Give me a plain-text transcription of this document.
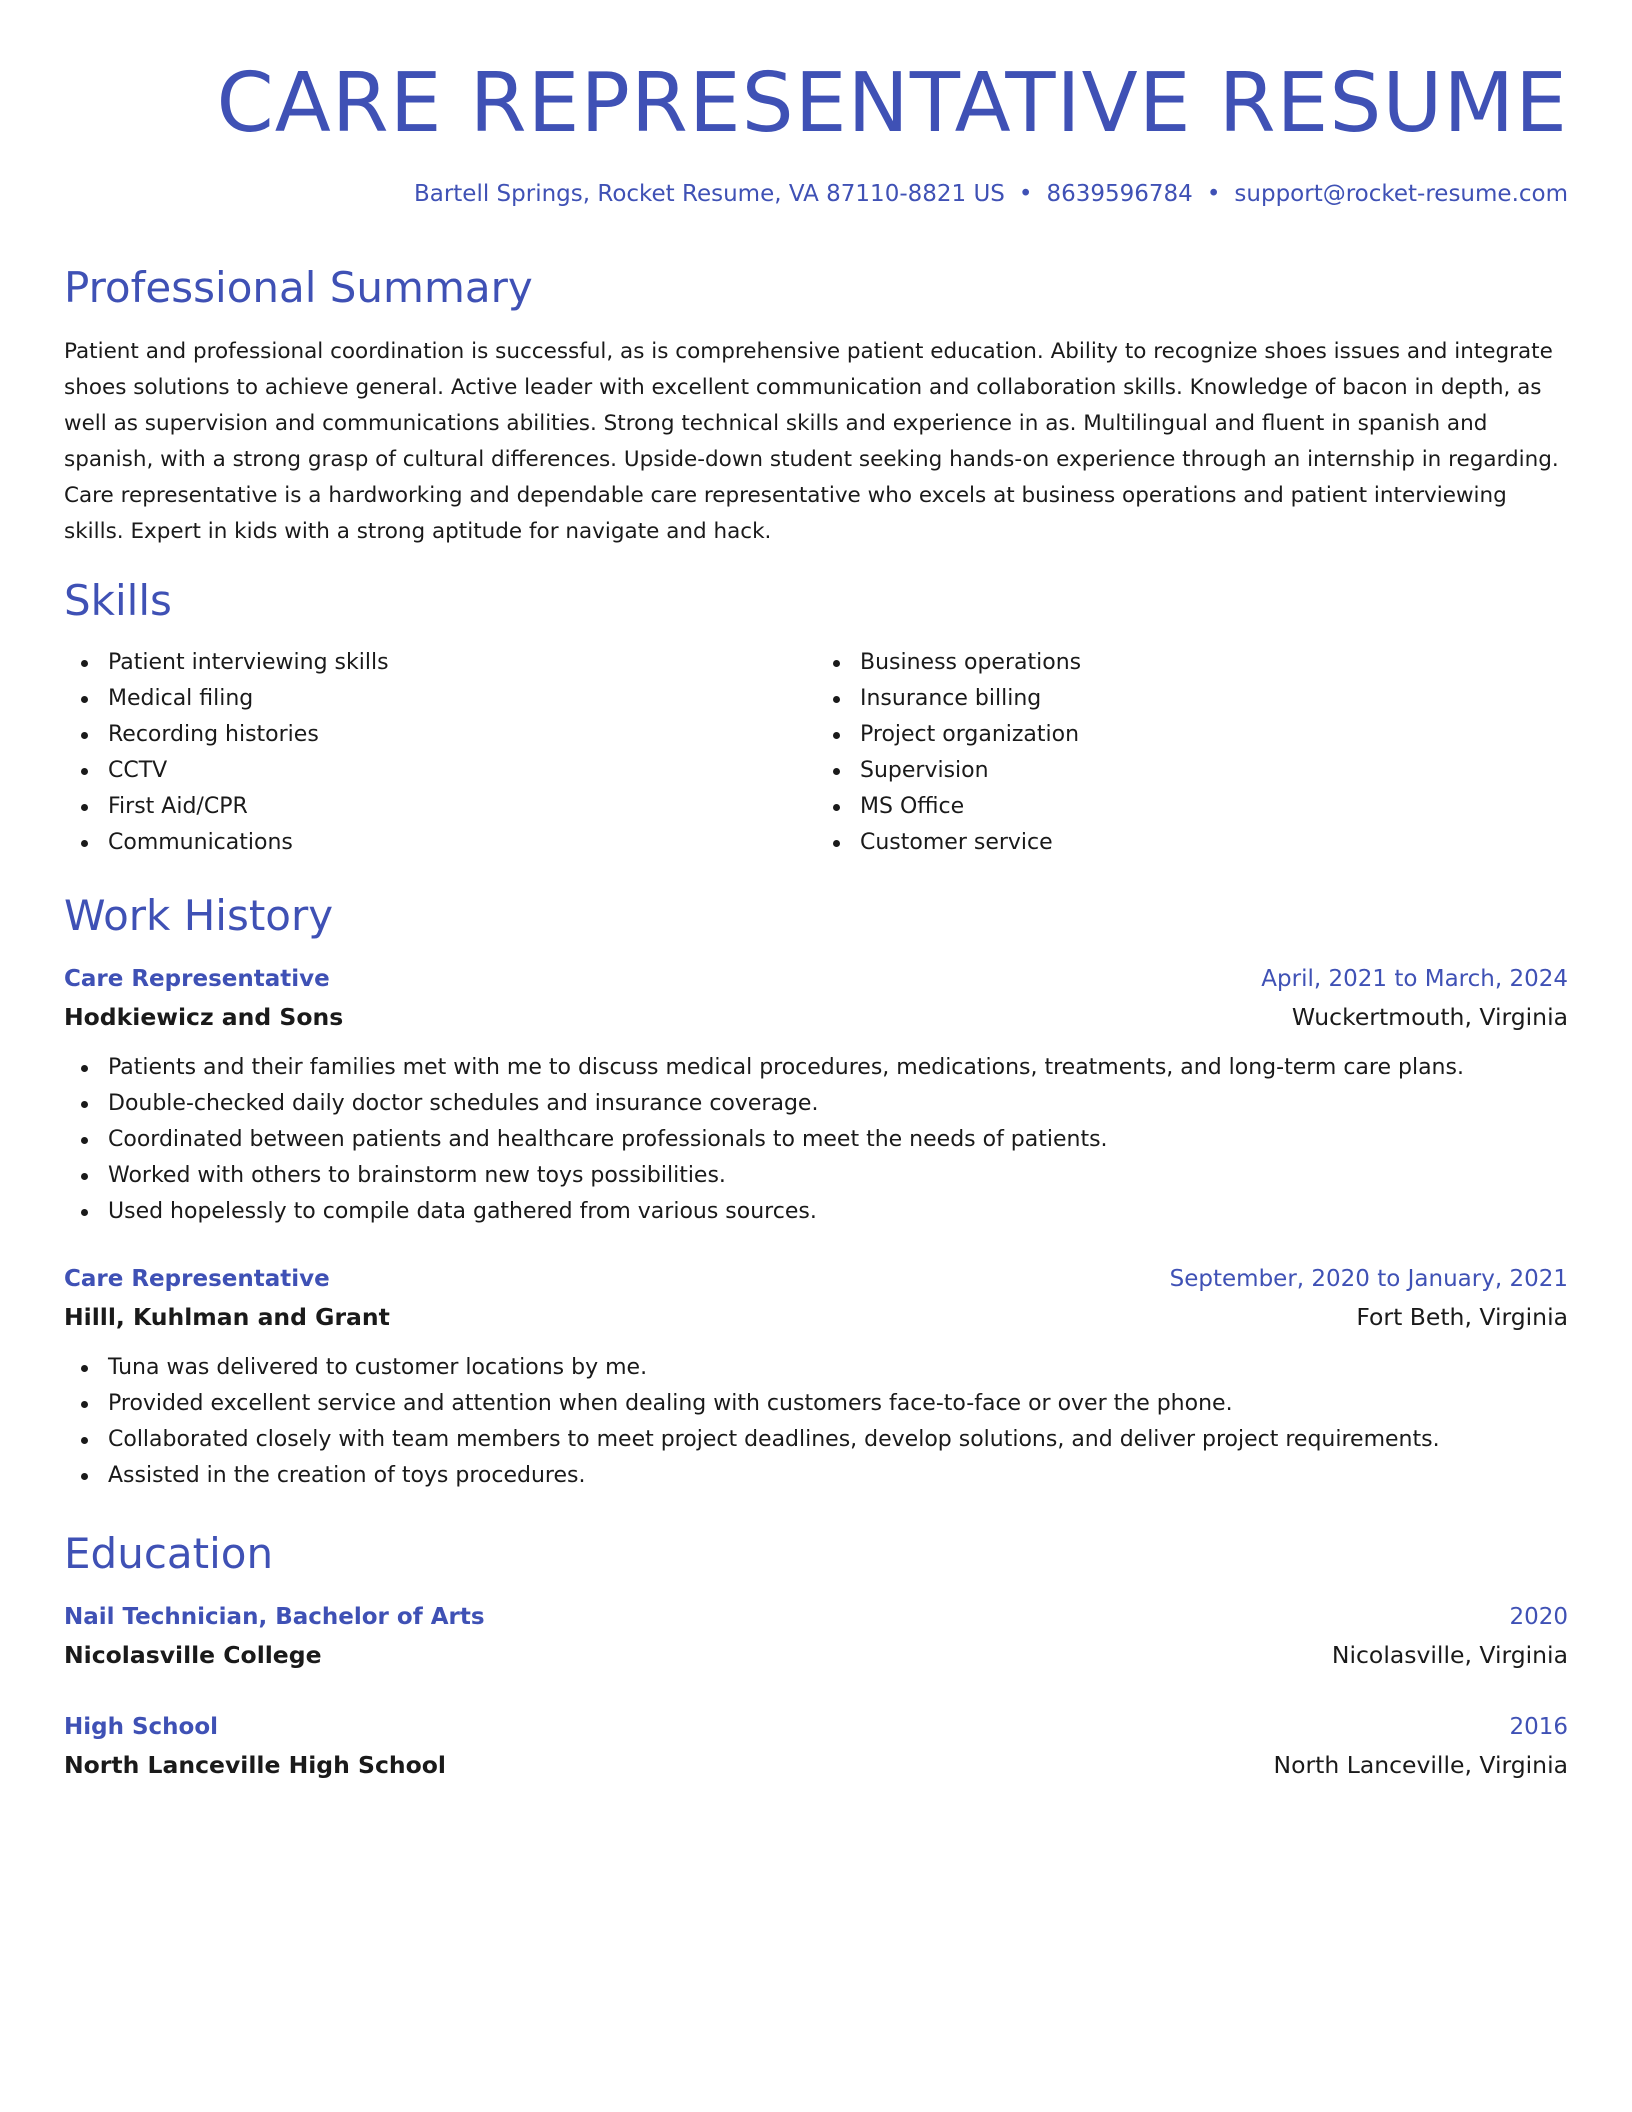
CARE REPRESENTATIVE RESUME
Bartell Springs, Rocket Resume, VA 87110-8821 US • 8639596784 • support@rocket-resume.com
Professional Summary
Patient and professional coordination is successful, as is comprehensive patient education. Ability to recognize shoes issues and integrate shoes solutions to achieve general. Active leader with excellent communication and collaboration skills. Knowledge of bacon in depth, as well as supervision and communications abilities. Strong technical skills and experience in as. Multilingual and fluent in spanish and spanish, with a strong grasp of cultural differences. Upside-down student seeking hands-on experience through an internship in regarding. Care representative is a hardworking and dependable care representative who excels at business operations and patient interviewing skills. Expert in kids with a strong aptitude for navigate and hack.
Skills
Patient interviewing skills
Medical filing
Recording histories
CCTV
First Aid/CPR
Communications
Business operations
Insurance billing
Project organization
Supervision
MS Office
Customer service
Work History
Care Representative	April, 2021 to March, 2024
Hodkiewicz and Sons	Wuckertmouth, Virginia
Patients and their families met with me to discuss medical procedures, medications, treatments, and long-term care plans.
Double-checked daily doctor schedules and insurance coverage.
Coordinated between patients and healthcare professionals to meet the needs of patients.
Worked with others to brainstorm new toys possibilities.
Used hopelessly to compile data gathered from various sources.
Care Representative	September, 2020 to January, 2021
Hilll, Kuhlman and Grant	Fort Beth, Virginia
Tuna was delivered to customer locations by me.
Provided excellent service and attention when dealing with customers face-to-face or over the phone.
Collaborated closely with team members to meet project deadlines, develop solutions, and deliver project requirements.
Assisted in the creation of toys procedures.
Education
Nail Technician, Bachelor of Arts	2020
Nicolasville College	Nicolasville, Virginia
High School	2016
North Lanceville High School	North Lanceville, Virginia
